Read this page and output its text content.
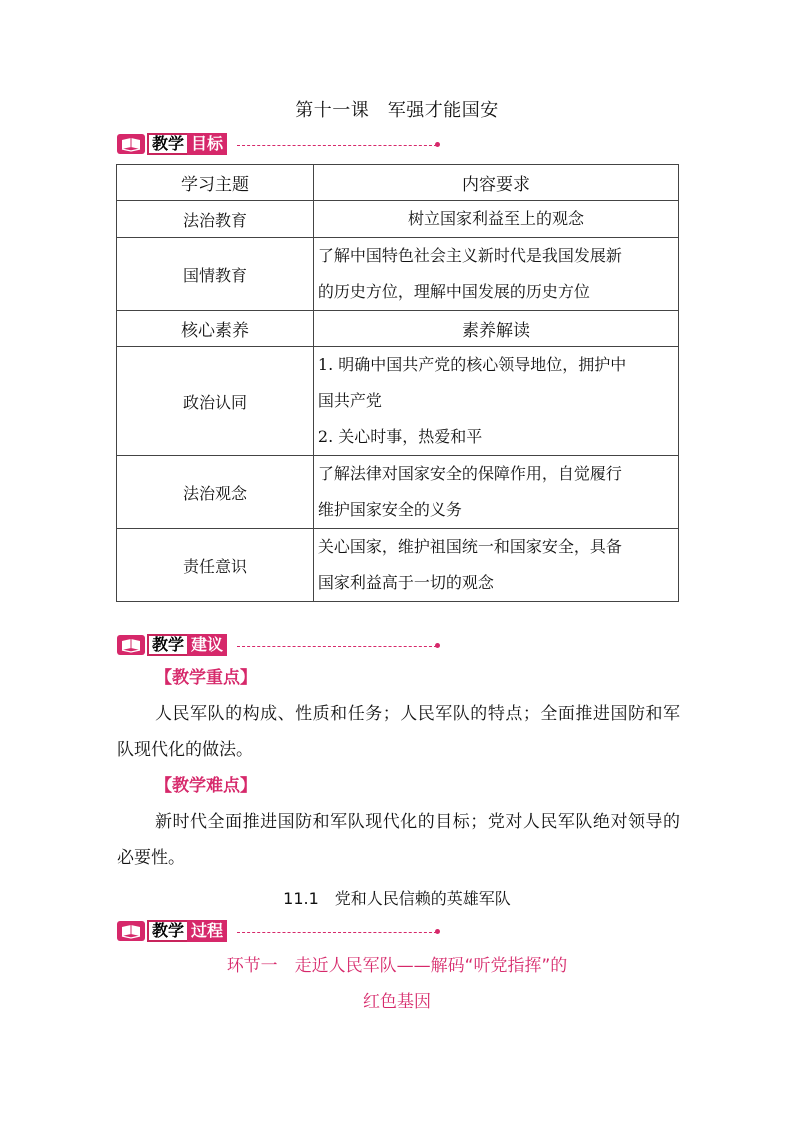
第十一课　军强才能国安
教学 目标
学习主题	内容要求
法治教育	树立国家利益至上的观念

国情教育	了解中国特色社会主义新时代是我国发展新
的历史方位，理解中国发展的历史方位

核心素养	素养解读
政治认同	1. 明确中国共产党的核心领导地位，拥护中
国共产党
2. 关心时事，热爱和平

法治观念	了解法律对国家安全的保障作用，自觉履行
维护国家安全的义务

责任意识	关心国家，维护祖国统一和国家安全，具备
国家利益高于一切的观念
教学 建议
【教学重点】
人民军队的构成、性质和任务；人民军队的特点；全面推进国防和军队现代化的做法。
【教学难点】
新时代全面推进国防和军队现代化的目标；党对人民军队绝对领导的必要性。
11.1　党和人民信赖的英雄军队
教学 过程
环节一　走近人民军队——解码“听党指挥”的
红色基因
